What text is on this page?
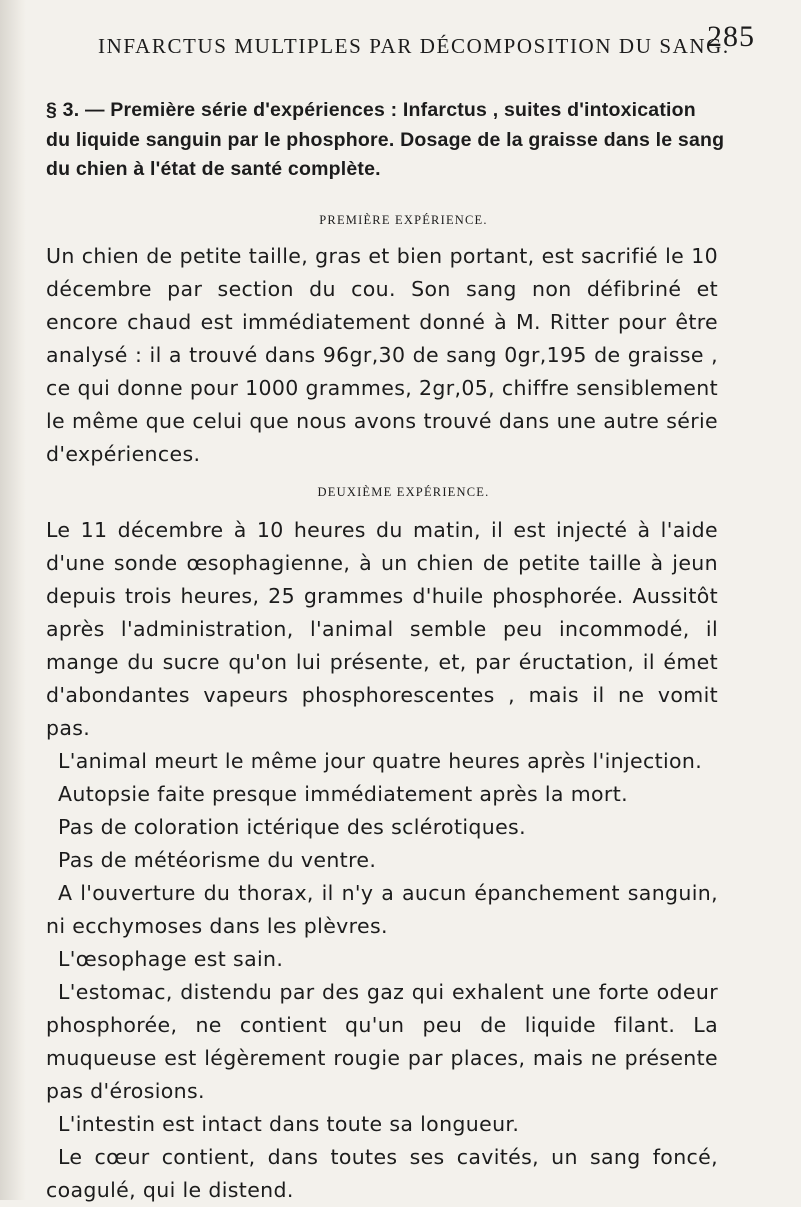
INFARCTUS MULTIPLES PAR DÉCOMPOSITION DU SANG.
285
§ 3. — Première série d'expériences : Infarctus , suites d'intoxication
du liquide sanguin par le phosphore. Dosage de la graisse dans le sang
du chien à l'état de santé complète.
PREMIÈRE EXPÉRIENCE.

Un chien de petite taille, gras et bien portant, est sacrifié le 10 décembre par section du cou. Son sang non défibriné et encore chaud est immédiatement donné à M. Ritter pour être analysé : il a trouvé dans 96gr,30 de sang 0gr,195 de graisse , ce qui donne pour 1000 grammes, 2gr,05, chiffre sensiblement le même que celui que nous avons trouvé dans une autre série d'expériences.

DEUXIÈME EXPÉRIENCE.

Le 11 décembre à 10 heures du matin, il est injecté à l'aide d'une sonde œsophagienne, à un chien de petite taille à jeun depuis trois heures, 25 grammes d'huile phosphorée. Aussitôt après l'administration, l'animal semble peu incommodé, il mange du sucre qu'on lui présente, et, par éructation, il émet d'abondantes vapeurs phosphorescentes , mais il ne vomit pas.

L'animal meurt le même jour quatre heures après l'injection.

Autopsie faite presque immédiatement après la mort.

Pas de coloration ictérique des sclérotiques.

Pas de météorisme du ventre.

A l'ouverture du thorax, il n'y a aucun épanchement sanguin, ni ecchymoses dans les plèvres.

L'œsophage est sain.

L'estomac, distendu par des gaz qui exhalent une forte odeur phosphorée, ne contient qu'un peu de liquide filant. La muqueuse est légèrement rougie par places, mais ne présente pas d'érosions.

L'intestin est intact dans toute sa longueur.

Le cœur contient, dans toutes ses cavités, un sang foncé, coagulé, qui le distend.
